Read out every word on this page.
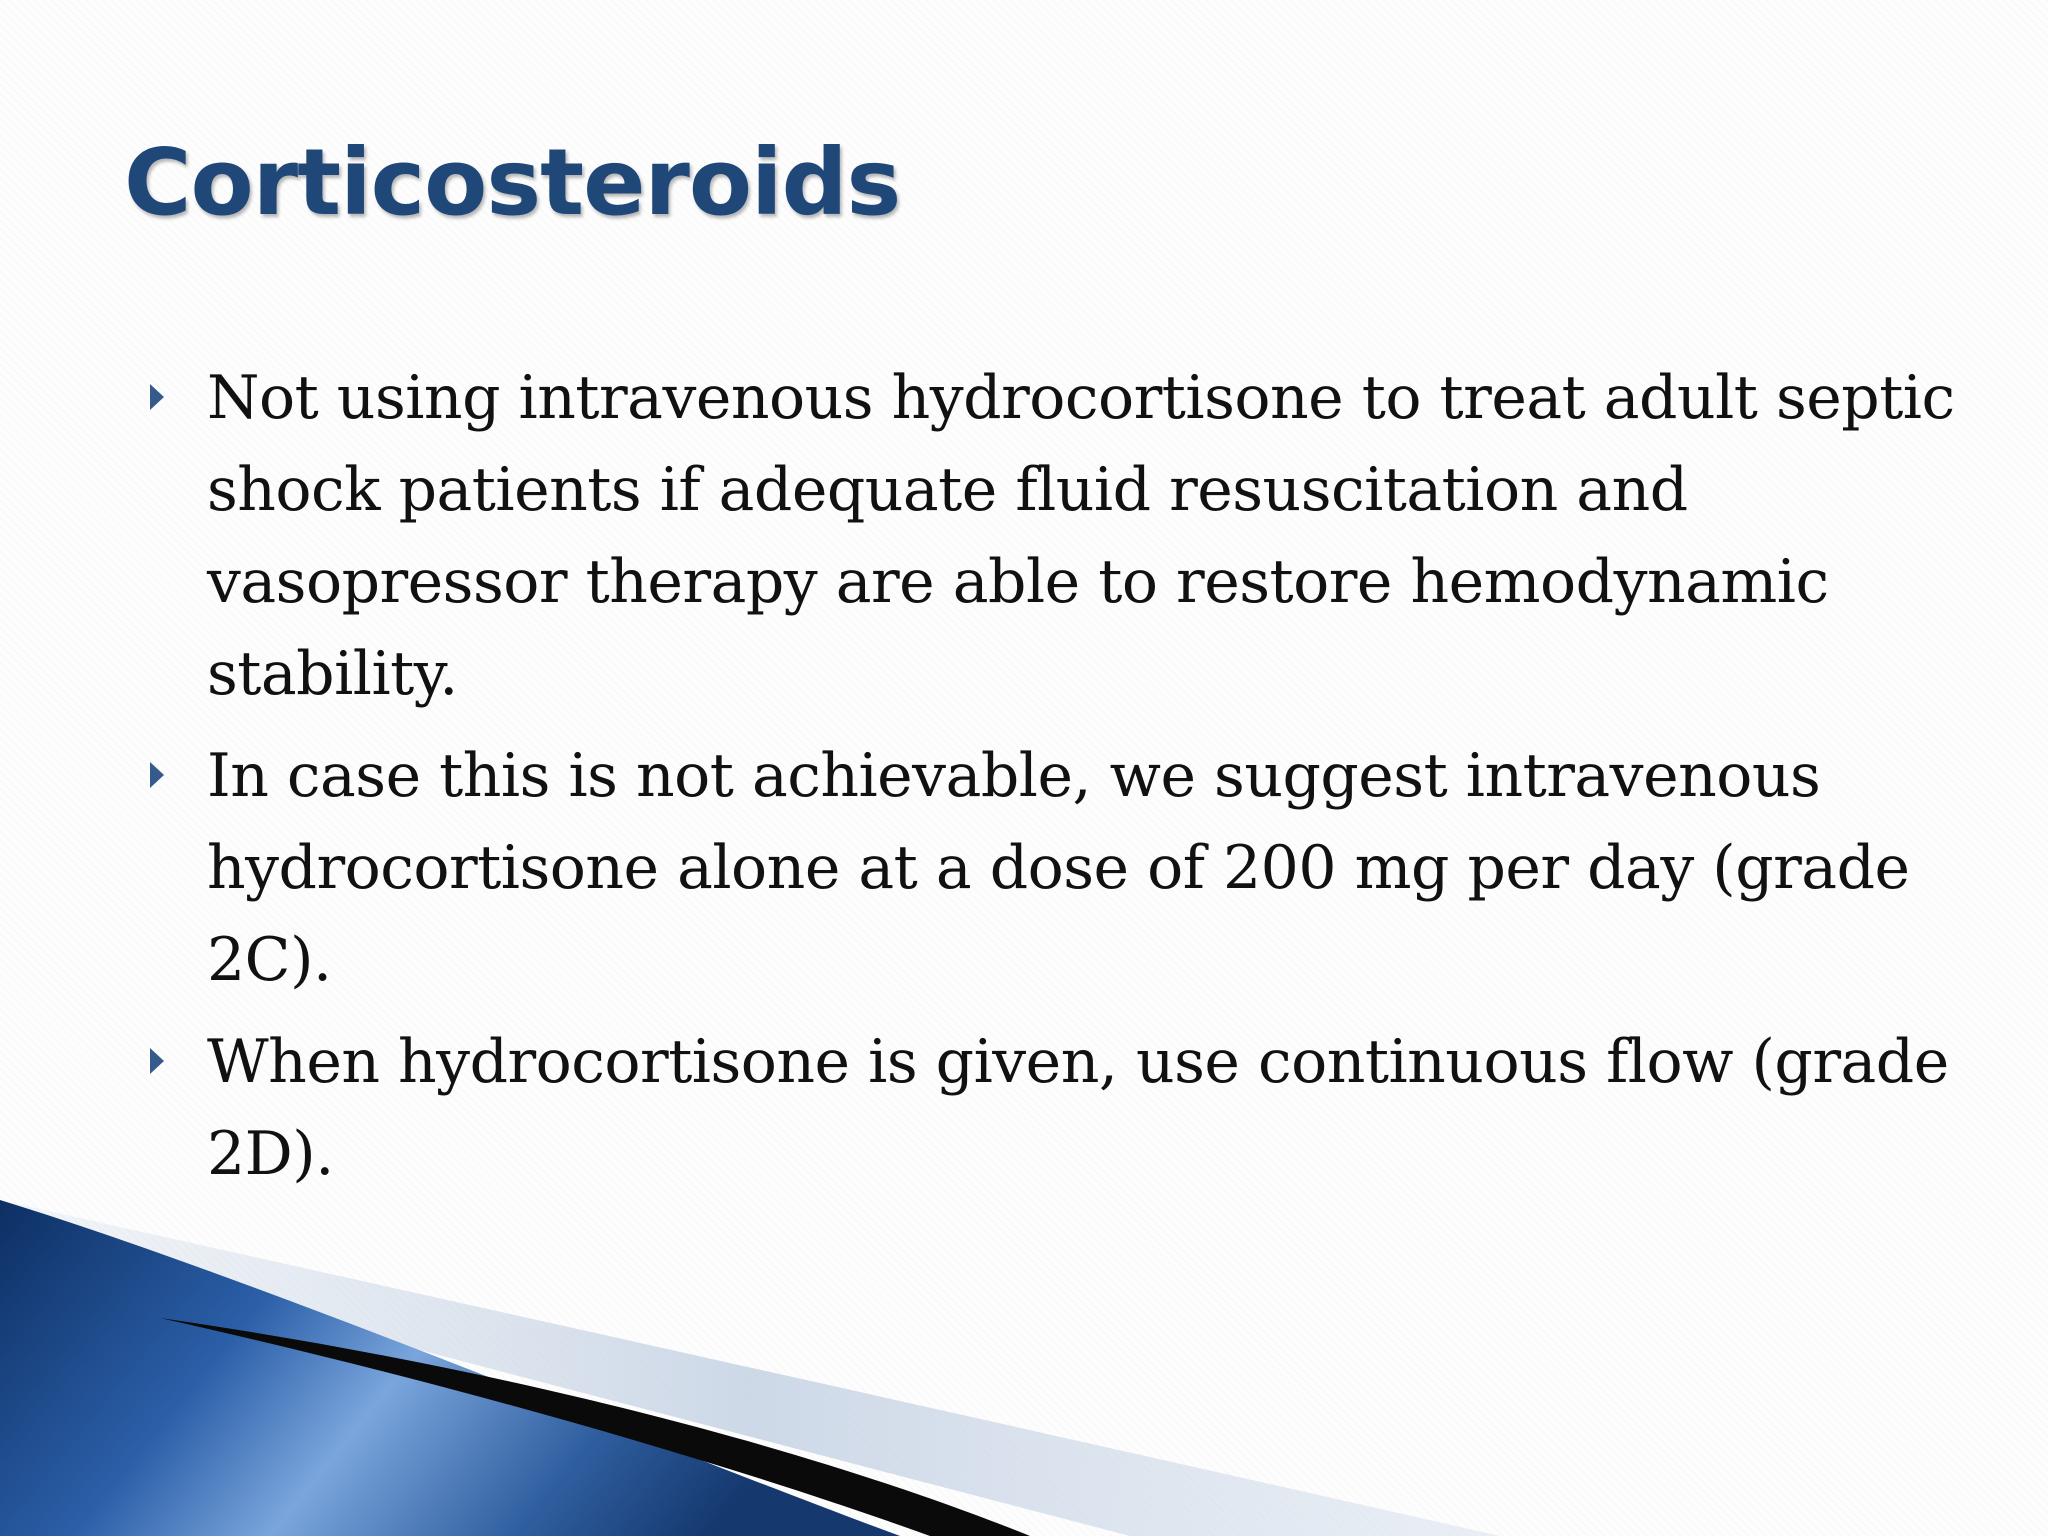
Corticosteroids
Not using intravenous hydrocortisone to treat adult septic shock patients if adequate fluid resuscitation and vasopressor therapy are able to restore hemodynamic stability.
In case this is not achievable, we suggest intravenous hydrocortisone alone at a dose of 200 mg per day (grade 2C).
When hydrocortisone is given, use continuous flow (grade 2D).
